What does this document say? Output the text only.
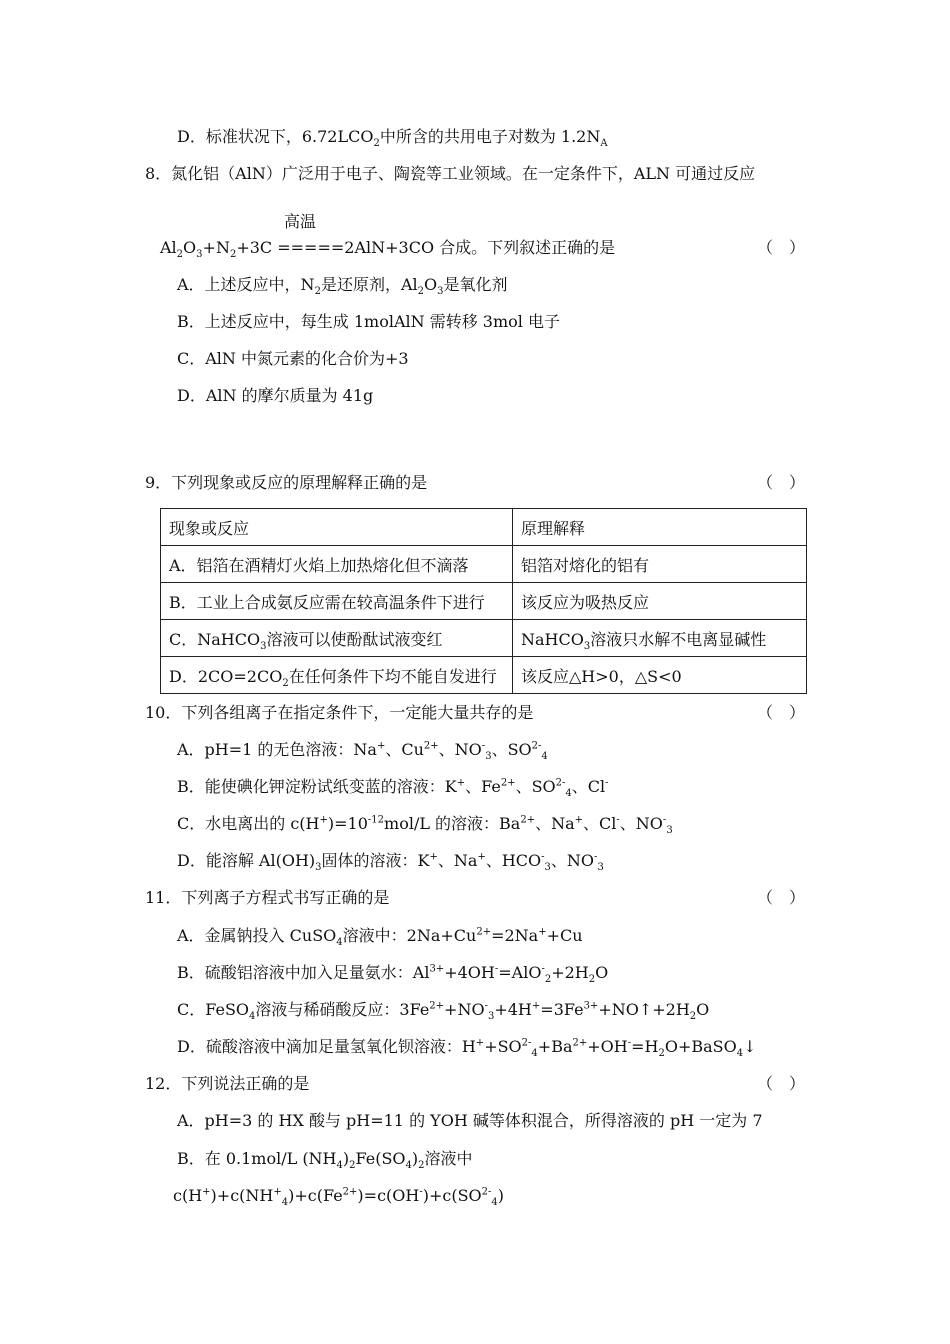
D．标准状况下，$6.72LCO_2$中所含的共用电子对数为 $1.2N_A$
8．氮化铝（AlN）广泛用于电子、陶瓷等工业领域。在一定条件下，ALN 可通过反应
高温
$Al_2O_3+N_2+3C =====2AlN+3CO$ 合成。下列叙述正确的是	（　）
A．上述反应中，$N_2$是还原剂，$Al_2O_3$是氧化剂
B．上述反应中，每生成 1molAlN 需转移 3mol 电子
C．AlN 中氮元素的化合价为+3
D．AlN 的摩尔质量为 41g
9．下列现象或反应的原理解释正确的是	（　）
现象或反应	原理解释
A．铝箔在酒精灯火焰上加热熔化但不滴落	铝箔对熔化的铝有
B．工业上合成氨反应需在较高温条件下进行	该反应为吸热反应
C．NaHCO$_3$溶液可以使酚酞试液变红	NaHCO$_3$溶液只水解不电离显碱性
D．$2CO=2CO_2$在任何条件下均不能自发进行	该反应△H>0，△S<0
10．下列各组离子在指定条件下，一定能大量共存的是	（　）
A．pH=1 的无色溶液：Na+、$Cu^{2+}$、$NO^-_3$、$SO^{2-}_4$
B．能使碘化钾淀粉试纸变蓝的溶液：K+、$Fe^{2+}$、$SO^{2-}_4$、Cl-
C．水电离出的 $c(H^+)=10^{-12}mol/L$ 的溶液：$Ba^{2+}$、Na+、Cl-、$NO^-_3$
D．能溶解 $Al(OH)_3$固体的溶液：K+、Na+、$HCO^-_3$、$NO^-_3$
11．下列离子方程式书写正确的是	（　）
A．金属钠投入 CuSO$_4$溶液中：$2Na+Cu^{2+}=2Na^++Cu$
B．硫酸铝溶液中加入足量氨水：$Al^{3+}+4OH^-=AlO^-_2+2H_2O$
C．FeSO$_4$溶液与稀硝酸反应：$3Fe^{2+}+NO^-_3+4H^+=3Fe^{3+}+NO↑+2H_2O$
D．硫酸溶液中滴加足量氢氧化钡溶液：$H^++SO^{2-}_4+Ba^{2+}+OH^-=H_2O+BaSO_4↓$
12．下列说法正确的是	（　）
A．pH=3 的 HX 酸与 pH=11 的 YOH 碱等体积混合，所得溶液的 pH 一定为 7
B．在 0.1mol/L $(NH_4)_2Fe(SO_4)_2$溶液中
$c(H^+)+c(NH^+_4)+c(Fe^{2+})=c(OH^-)+c(SO^{2-}_4)$
